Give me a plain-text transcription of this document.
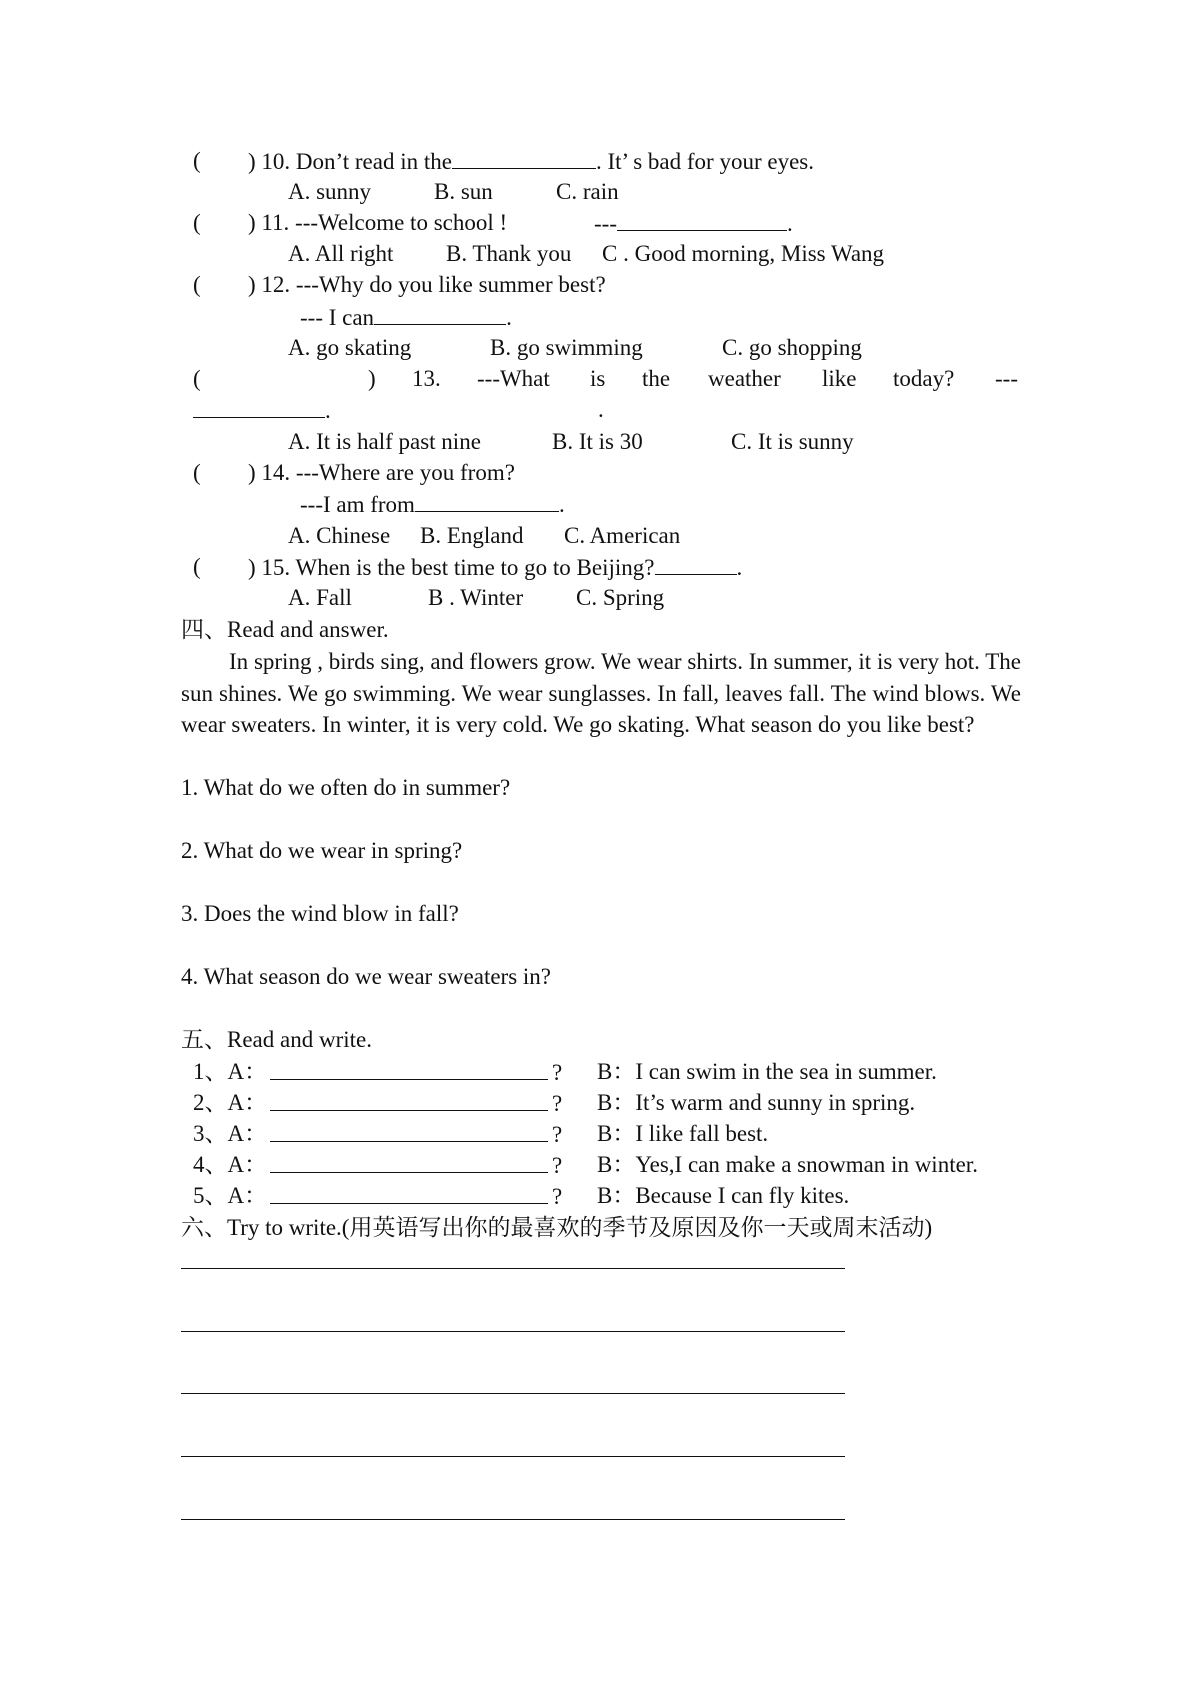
( ) 10. Don’t read in the	. It’ s bad for your eyes.
A. sunny	B. sun	C. rain
( ) 11. ---Welcome to school !	---	.
A. All right B. Thank you C . Good morning, Miss Wang
( ) 12. ---Why do you like summer best?
--- I can	.
A. go skating	B. go swimming	C. go shopping
(	) 13. ---What is the weather like today? ---
.	.
A. It is half past nine	B. It is 30	C. It is sunny
( ) 14. ---Where are you from?
---I am from	.
A. Chinese B. England C. American
( ) 15. When is the best time to go to Beijing?	.
A. Fall	B . Winter C. Spring
四、Read and answer.
In spring , birds sing, and flowers grow. We wear shirts. In summer, it is very hot. The sun shines. We go swimming. We wear sunglasses. In fall, leaves fall. The wind blows. We wear sweaters. In winter, it is very cold. We go skating. What season do you like best?
1. What do we often do in summer?
2. What do we wear in spring?
3. Does the wind blow in fall?
4. What season do we wear sweaters in?
五、Read and write.
1、A：	? B：I can swim in the sea in summer.
2、A：	? B：It’s warm and sunny in spring.
3、A：	? B：I like fall best.
4、A：	? B：Yes,I can make a snowman in winter.
5、A：	? B：Because I can fly kites.
六、Try to write.(用英语写出你的最喜欢的季节及原因及你一天或周末活动)
